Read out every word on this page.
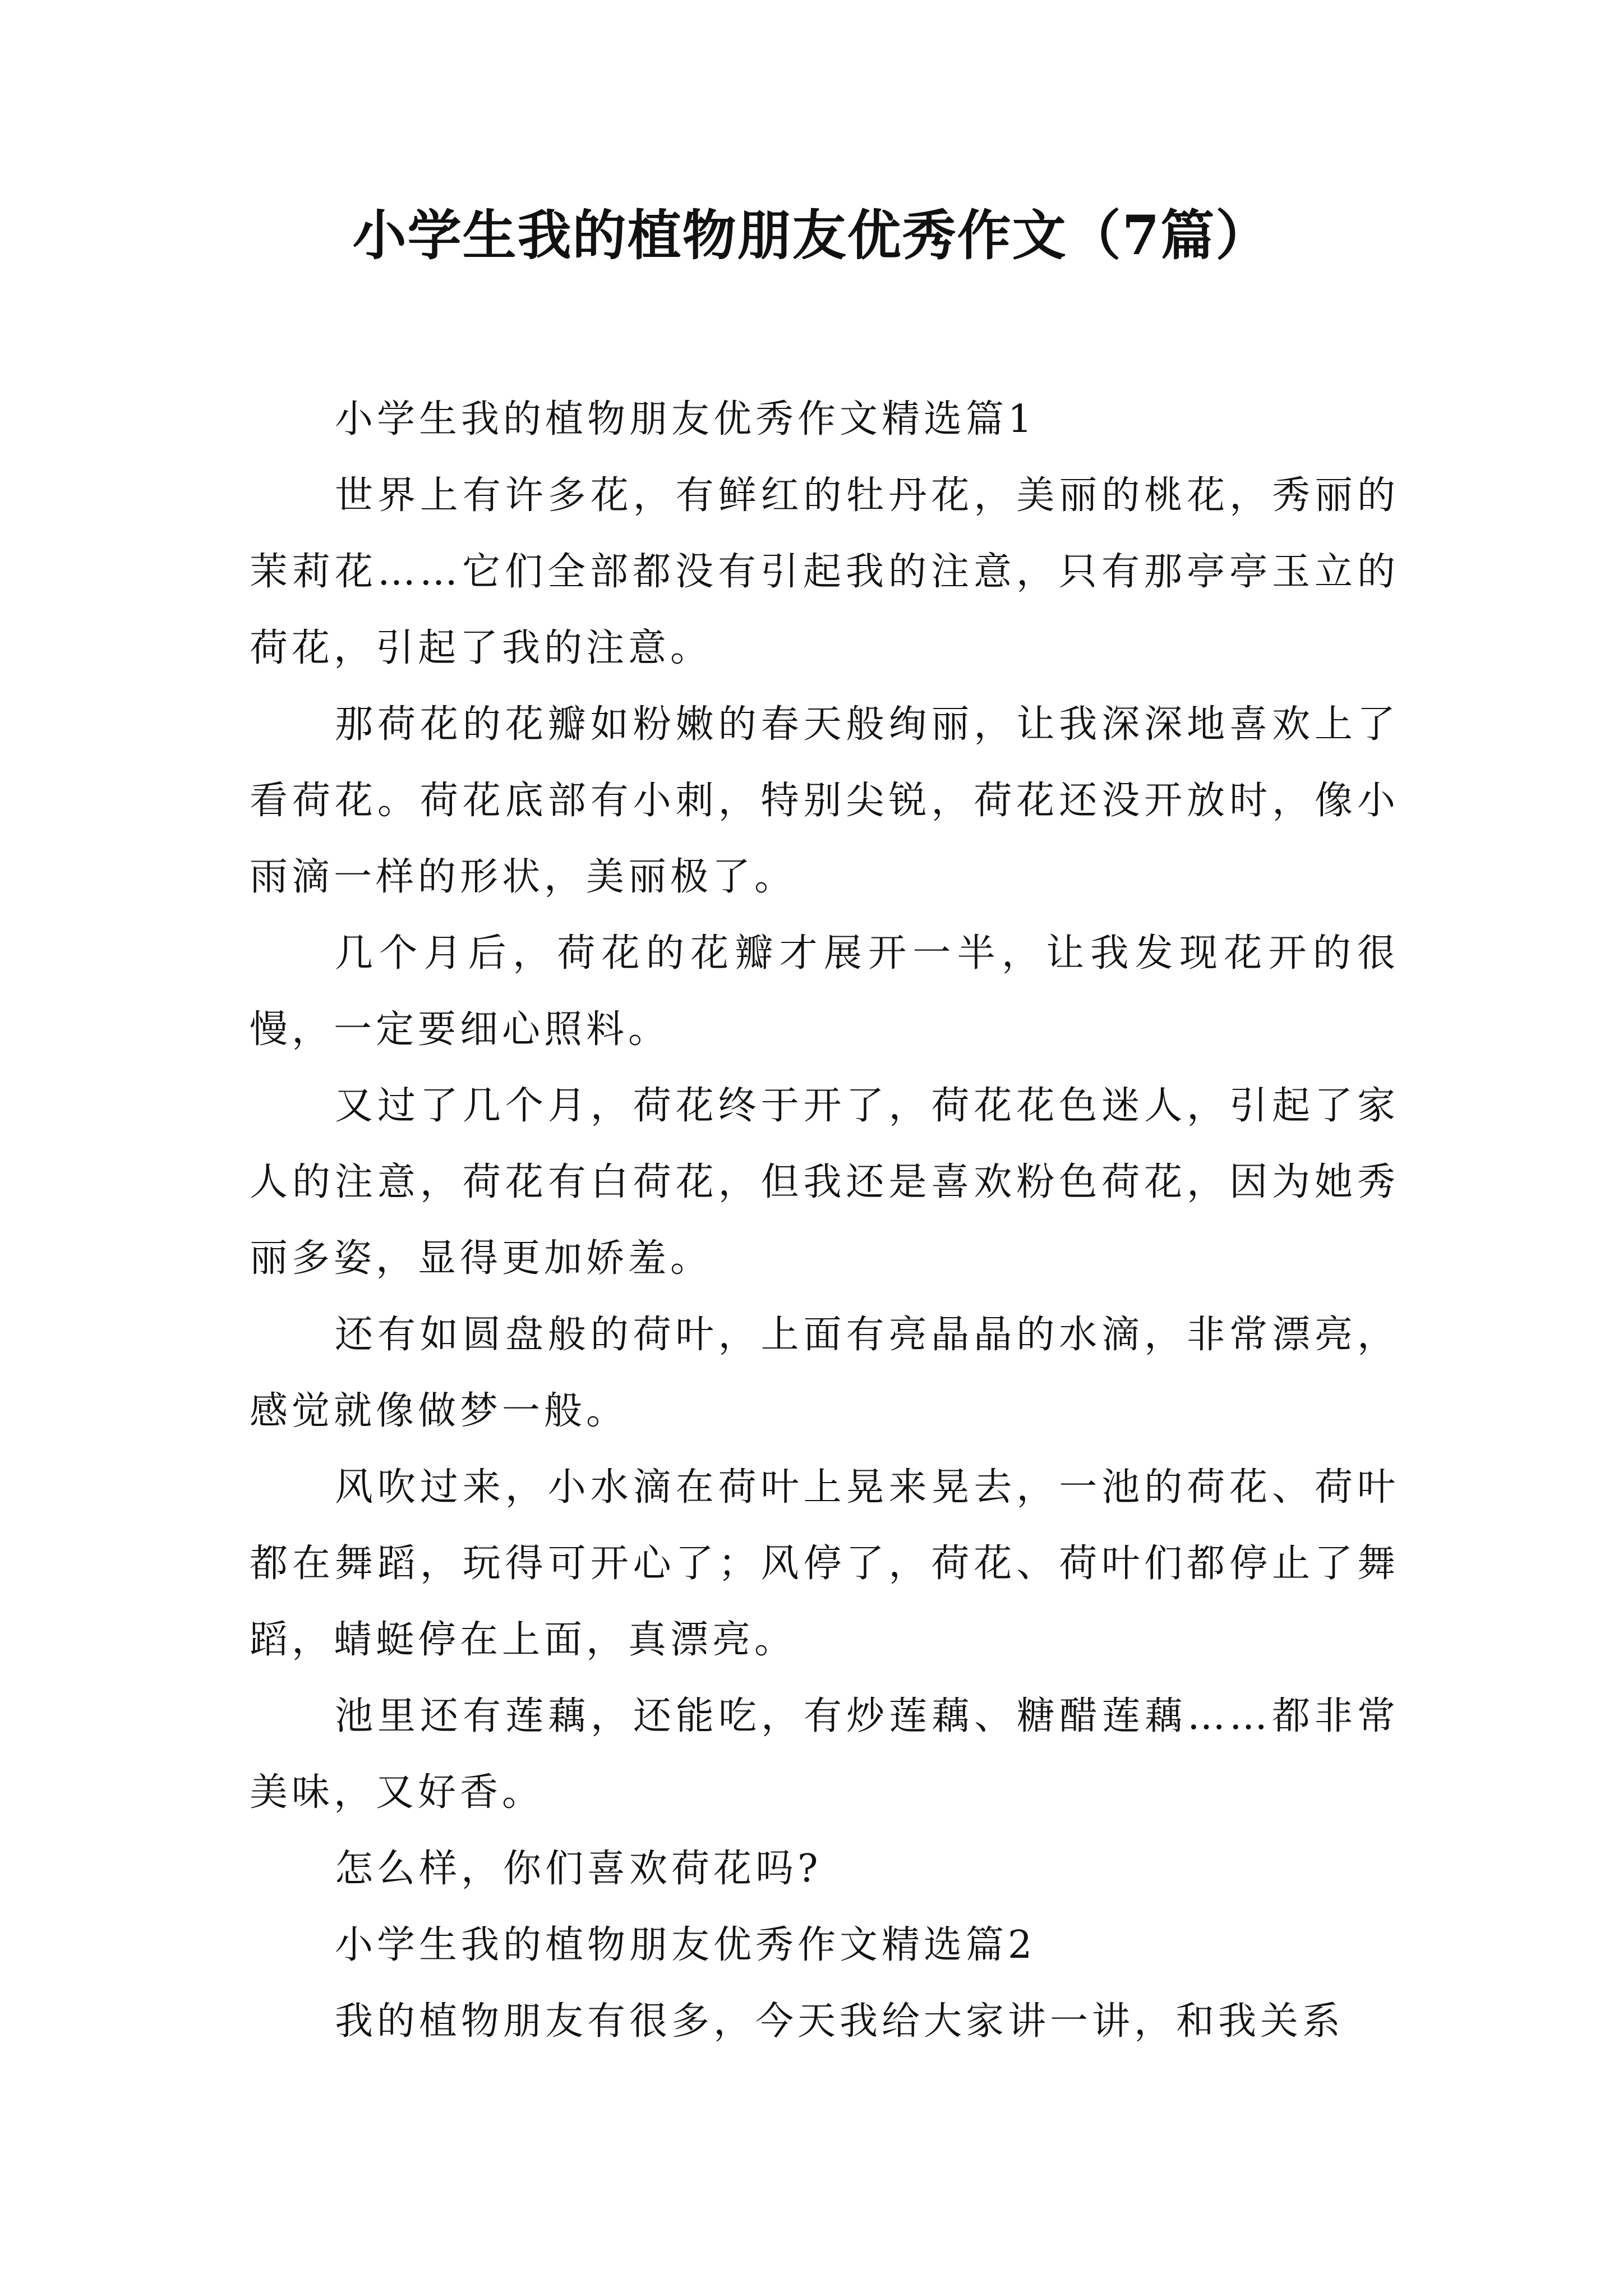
小学生我的植物朋友优秀作文（7篇）

小学生我的植物朋友优秀作文精选篇1

世界上有许多花，有鲜红的牡丹花，美丽的桃花，秀丽的茉莉花……它们全部都没有引起我的注意，只有那亭亭玉立的荷花，引起了我的注意。

那荷花的花瓣如粉嫩的春天般绚丽，让我深深地喜欢上了看荷花。荷花底部有小刺，特别尖锐，荷花还没开放时，像小雨滴一样的形状，美丽极了。

几个月后，荷花的花瓣才展开一半，让我发现花开的很慢，一定要细心照料。

又过了几个月，荷花终于开了，荷花花色迷人，引起了家人的注意，荷花有白荷花，但我还是喜欢粉色荷花，因为她秀丽多姿，显得更加娇羞。

还有如圆盘般的荷叶，上面有亮晶晶的水滴，非常漂亮，感觉就像做梦一般。

风吹过来，小水滴在荷叶上晃来晃去，一池的荷花、荷叶都在舞蹈，玩得可开心了；风停了，荷花、荷叶们都停止了舞蹈，蜻蜓停在上面，真漂亮。

池里还有莲藕，还能吃，有炒莲藕、糖醋莲藕……都非常美味，又好香。

怎么样，你们喜欢荷花吗?

小学生我的植物朋友优秀作文精选篇2

我的植物朋友有很多，今天我给大家讲一讲，和我关系
